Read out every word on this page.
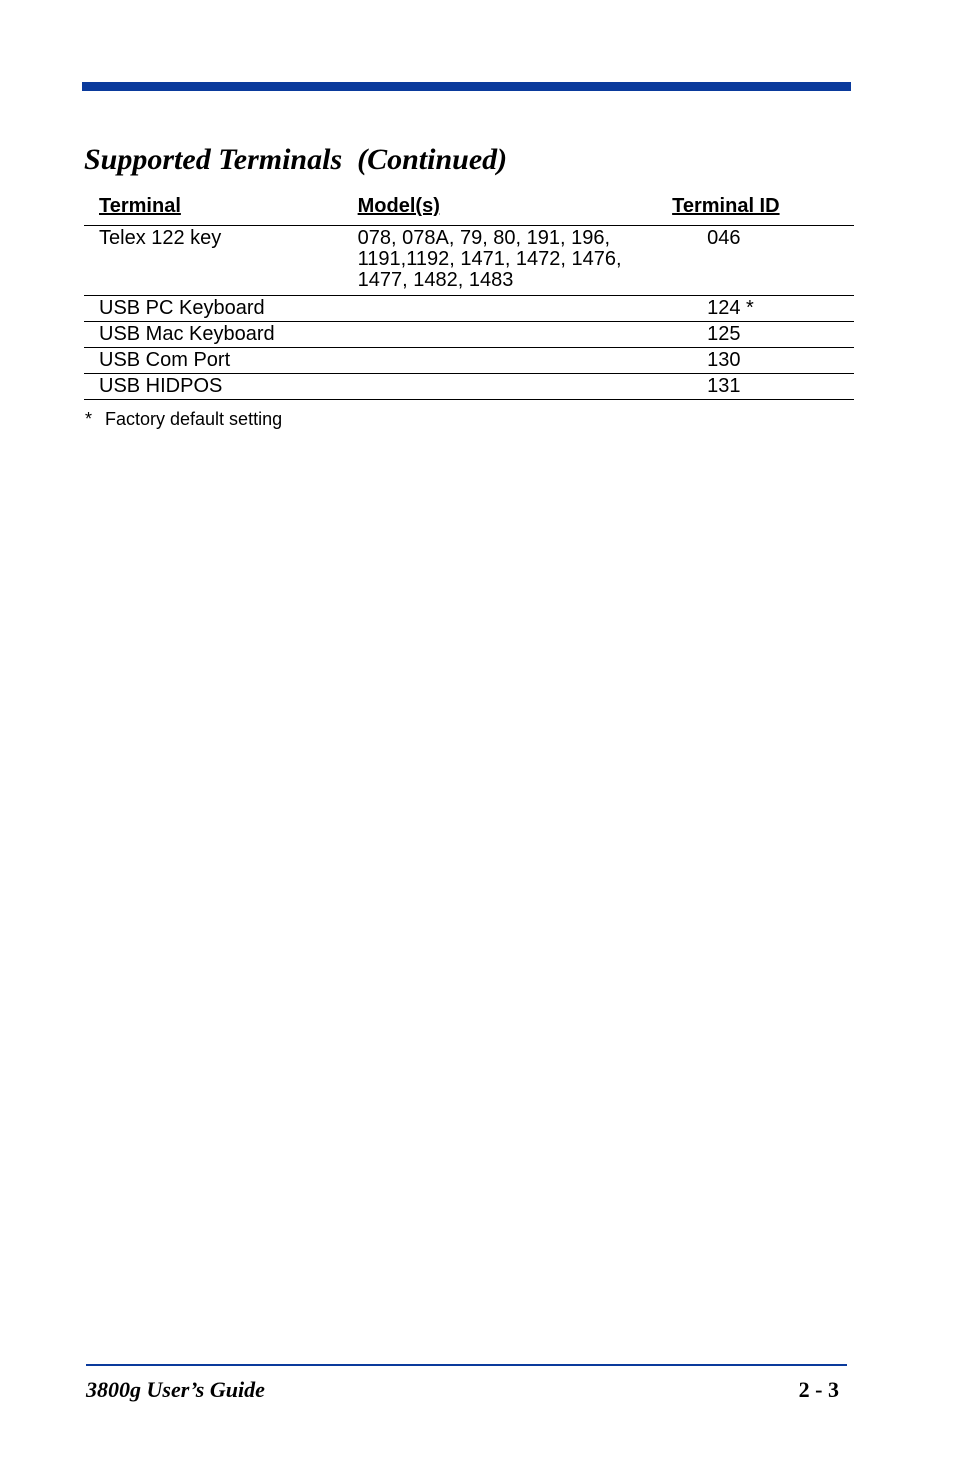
Supported Terminals  (Continued)
Terminal	Model(s)	Terminal ID
Telex 122 key	078, 078A, 79, 80, 191, 196, 1191,1192, 1471, 1472, 1476, 1477, 1482, 1483	046
USB PC Keyboard		124 *
USB Mac Keyboard		125
USB Com Port		130
USB HIDPOS		131

* Factory default setting

3800g User’s Guide	2 - 3
